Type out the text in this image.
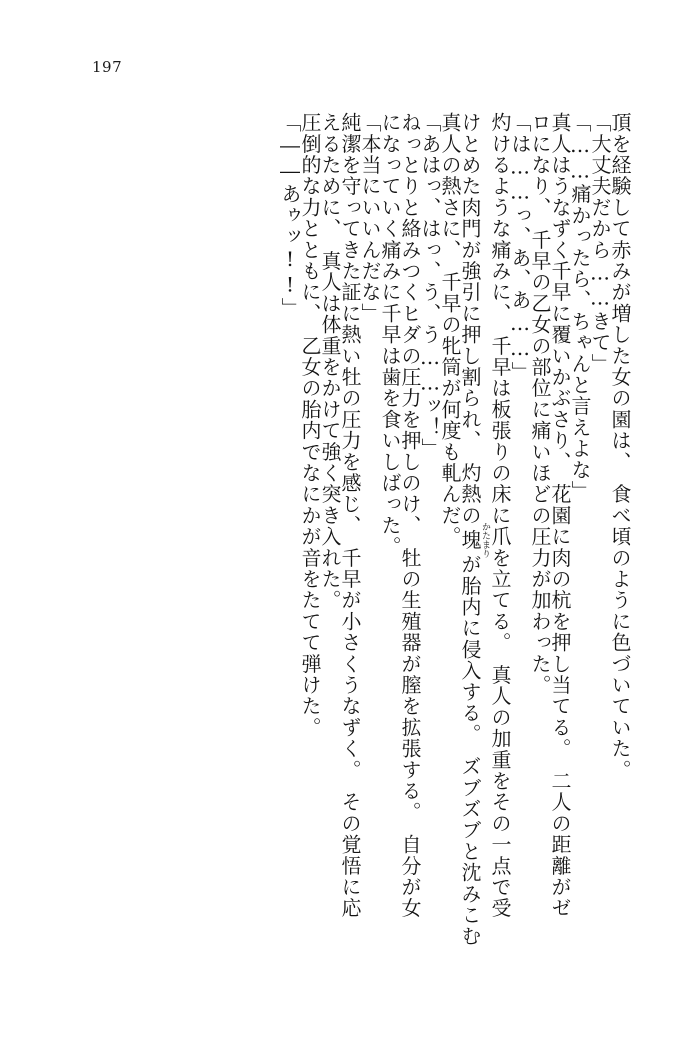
197
頂を経験して赤みが増した女の園は、　食べ頃のように色づいていた。
「大丈夫だから……きて」
「……痛かったら、ちゃんと言えよな」
真人はうなずく千早に覆いかぶさり、　花園に肉の杭を押し当てる。　二人の距離がゼ
ロになり、　千早の乙女の部位に痛いほどの圧力が加わった。
「は……っ、あ、あ……」
灼けるような痛みに、　千早は板張りの床に爪を立てる。　真人の加重をその一点で受
けとめた肉門が強引に押し割られ、　灼熱の塊かたまりが胎内に侵入する。　ズブズブと沈みこむ
真人の熱さに、　千早の牝筒が何度も軋んだ。
「あはっ、はっ、う、う……ッ！」
ねっとりと絡みつくヒダの圧力を押しのけ、　牡の生殖器が膣を拡張する。　自分が女
になっていく痛みに千早は歯を食いしばった。
「本当にいいんだな」
純潔を守ってきた証に熱い牡の圧力を感じ、　千早が小さくうなずく。　その覚悟に応
えるために、　真人は体重をかけて強く突き入れた。
圧倒的な力とともに、　乙女の胎内でなにかが音をたてて弾けた。
「――あゥッ!!」
